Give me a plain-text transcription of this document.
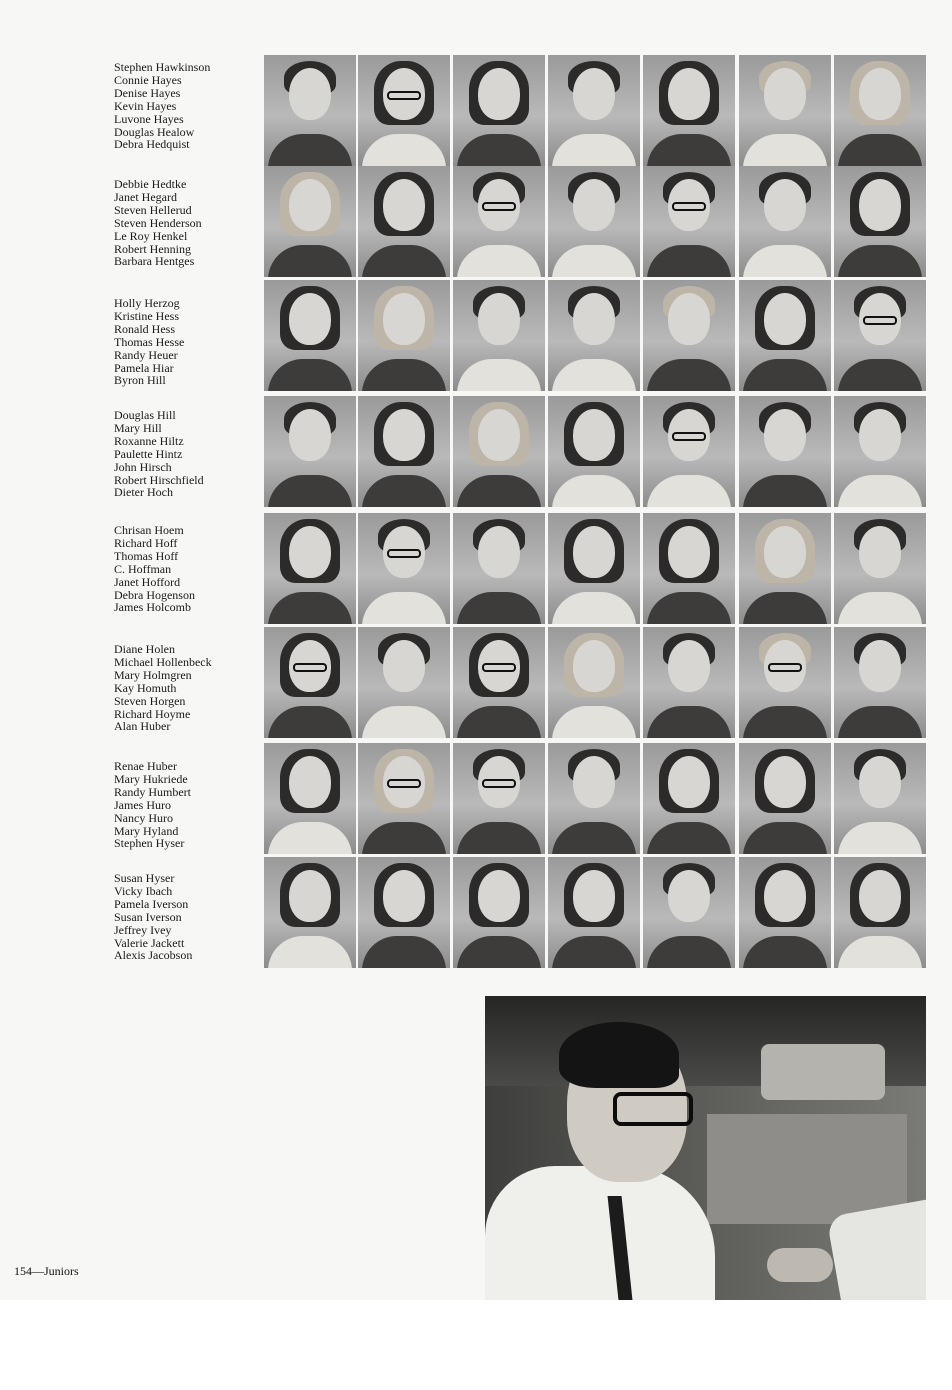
Stephen Hawkinson
Connie Hayes
Denise Hayes
Kevin Hayes
Luvone Hayes
Douglas Healow
Debra Hedquist
Debbie Hedtke
Janet Hegard
Steven Hellerud
Steven Henderson
Le Roy Henkel
Robert Henning
Barbara Hentges
Holly Herzog
Kristine Hess
Ronald Hess
Thomas Hesse
Randy Heuer
Pamela Hiar
Byron Hill
Douglas Hill
Mary Hill
Roxanne Hiltz
Paulette Hintz
John Hirsch
Robert Hirschfield
Dieter Hoch
Chrisan Hoem
Richard Hoff
Thomas Hoff
C. Hoffman
Janet Hofford
Debra Hogenson
James Holcomb
Diane Holen
Michael Hollenbeck
Mary Holmgren
Kay Homuth
Steven Horgen
Richard Hoyme
Alan Huber
Renae Huber
Mary Hukriede
Randy Humbert
James Huro
Nancy Huro
Mary Hyland
Stephen Hyser
Susan Hyser
Vicky Ibach
Pamela Iverson
Susan Iverson
Jeffrey Ivey
Valerie Jackett
Alexis Jacobson
154—Juniors
